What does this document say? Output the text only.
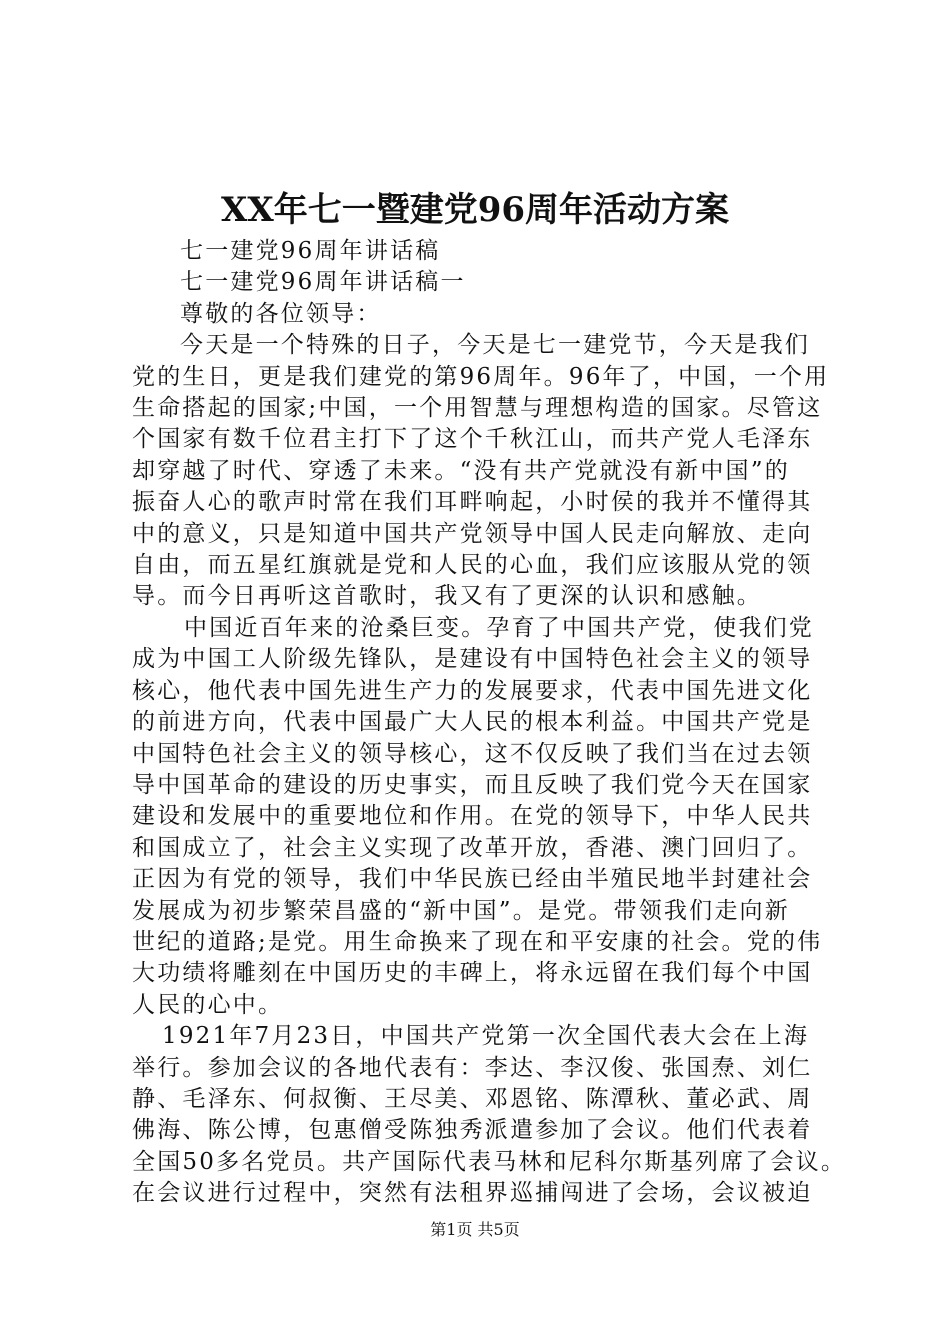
XX年七一暨建党96周年活动方案

七一建党96周年讲话稿

七一建党96周年讲话稿一

尊敬的各位领导：

今天是一个特殊的日子，今天是七一建党节，今天是我们

党的生日，更是我们建党的第96周年。96年了，中国，一个用

生命搭起的国家;中国，一个用智慧与理想构造的国家。尽管这

个国家有数千位君主打下了这个千秋江山，而共产党人毛泽东

却穿越了时代、穿透了未来。“没有共产党就没有新中国”的

振奋人心的歌声时常在我们耳畔响起，小时侯的我并不懂得其

中的意义，只是知道中国共产党领导中国人民走向解放、走向

自由，而五星红旗就是党和人民的心血，我们应该服从党的领

导。而今日再听这首歌时，我又有了更深的认识和感触。

中国近百年来的沧桑巨变。孕育了中国共产党，使我们党

成为中国工人阶级先锋队，是建设有中国特色社会主义的领导

核心，他代表中国先进生产力的发展要求，代表中国先进文化

的前进方向，代表中国最广大人民的根本利益。中国共产党是

中国特色社会主义的领导核心，这不仅反映了我们当在过去领

导中国革命的建设的历史事实，而且反映了我们党今天在国家

建设和发展中的重要地位和作用。在党的领导下，中华人民共

和国成立了，社会主义实现了改革开放，香港、澳门回归了。

正因为有党的领导，我们中华民族已经由半殖民地半封建社会

发展成为初步繁荣昌盛的“新中国”。是党。带领我们走向新

世纪的道路;是党。用生命换来了现在和平安康的社会。党的伟

大功绩将雕刻在中国历史的丰碑上，将永远留在我们每个中国

人民的心中。

1921年7月23日，中国共产党第一次全国代表大会在上海

举行。参加会议的各地代表有：李达、李汉俊、张国焘、刘仁

静、毛泽东、何叔衡、王尽美、邓恩铭、陈潭秋、董必武、周

佛海、陈公博，包惠僧受陈独秀派遣参加了会议。他们代表着

全国50多名党员。共产国际代表马林和尼科尔斯基列席了会议。

在会议进行过程中，突然有法租界巡捕闯进了会场，会议被迫

第1页 共5页
